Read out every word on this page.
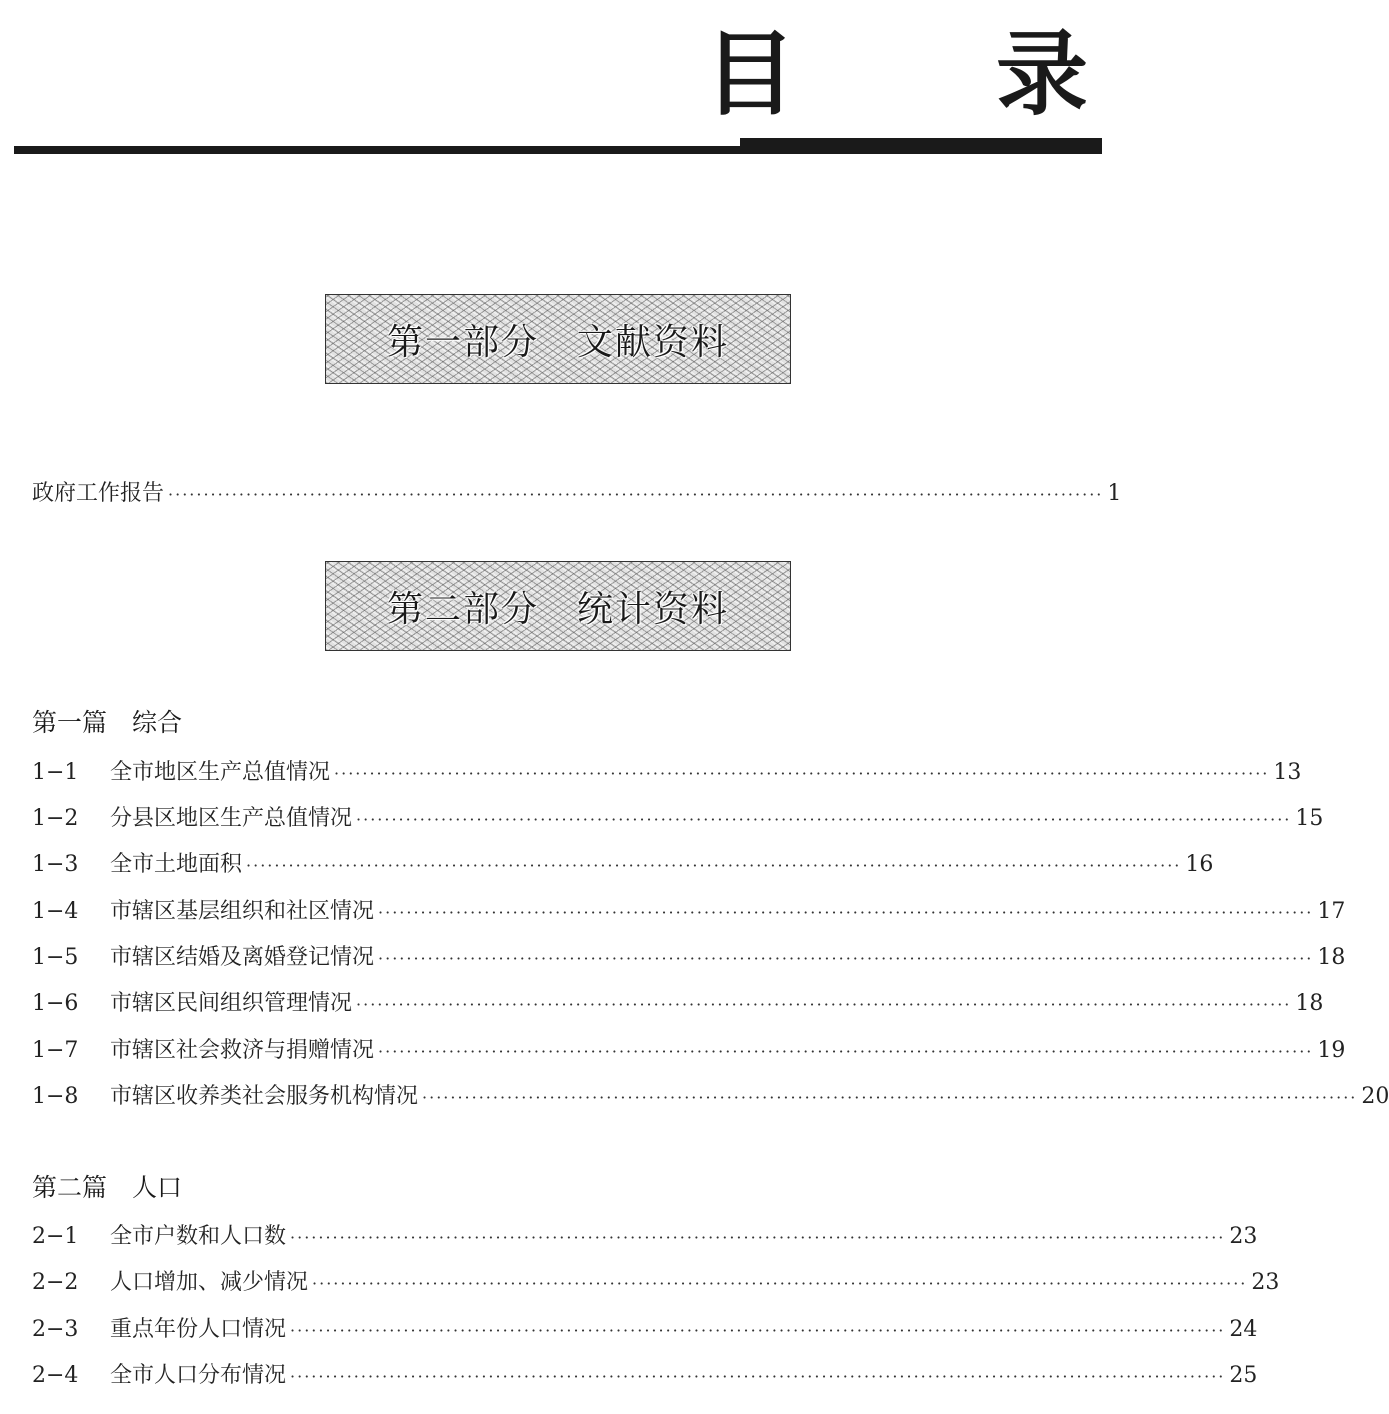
目　录
第一部分　文献资料
政府工作报告 ···································································································································· 1
第二部分　统计资料
第一篇　综合
1−1	全市地区生产总值情况 ···································································································································· 13
1−2	分县区地区生产总值情况 ···································································································································· 15
1−3	全市土地面积 ···································································································································· 16
1−4	市辖区基层组织和社区情况 ···································································································································· 17
1−5	市辖区结婚及离婚登记情况 ···································································································································· 18
1−6	市辖区民间组织管理情况 ···································································································································· 18
1−7	市辖区社会救济与捐赠情况 ···································································································································· 19
1−8	市辖区收养类社会服务机构情况 ···································································································································· 20
第二篇　人口
2−1	全市户数和人口数 ···································································································································· 23
2−2	人口增加、减少情况 ···································································································································· 23
2−3	重点年份人口情况 ···································································································································· 24
2−4	全市人口分布情况 ···································································································································· 25
